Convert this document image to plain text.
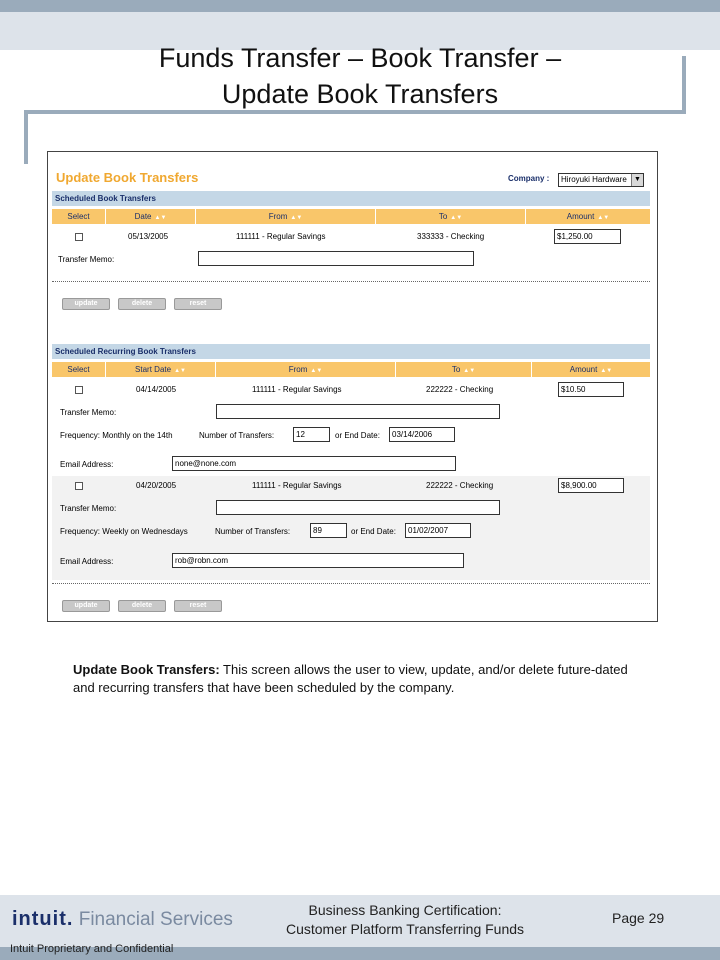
Funds Transfer – Book Transfer –
Update Book Transfers
Update Book Transfers	Company :	Hiroyuki Hardware	▼
Scheduled Book Transfers
Select	Date ▲▼	From ▲▼	To ▲▼	Amount ▲▼
05/13/2005	111111 - Regular Savings	333333 - Checking	$1,250.00
Transfer Memo:
update	delete	reset
Scheduled Recurring Book Transfers
Select	Start Date ▲▼	From ▲▼	To ▲▼	Amount ▲▼
04/14/2005	111111 - Regular Savings	222222 - Checking	$10.50
Transfer Memo:
Frequency: Monthly on the 14th	Number of Transfers:	12	or End Date:	03/14/2006
Email Address:	none@none.com
04/20/2005	111111 - Regular Savings	222222 - Checking	$8,900.00
Transfer Memo:
Frequency: Weekly on Wednesdays	Number of Transfers:	89	or End Date:	01/02/2007
Email Address:	rob@robn.com
update	delete	reset
Update Book Transfers: This screen allows the user to view, update, and/or delete future-dated and recurring transfers that have been scheduled by the company.
intuit. Financial Services	Business Banking Certification:
Customer Platform Transferring Funds
Page 29
Intuit Proprietary and Confidential
